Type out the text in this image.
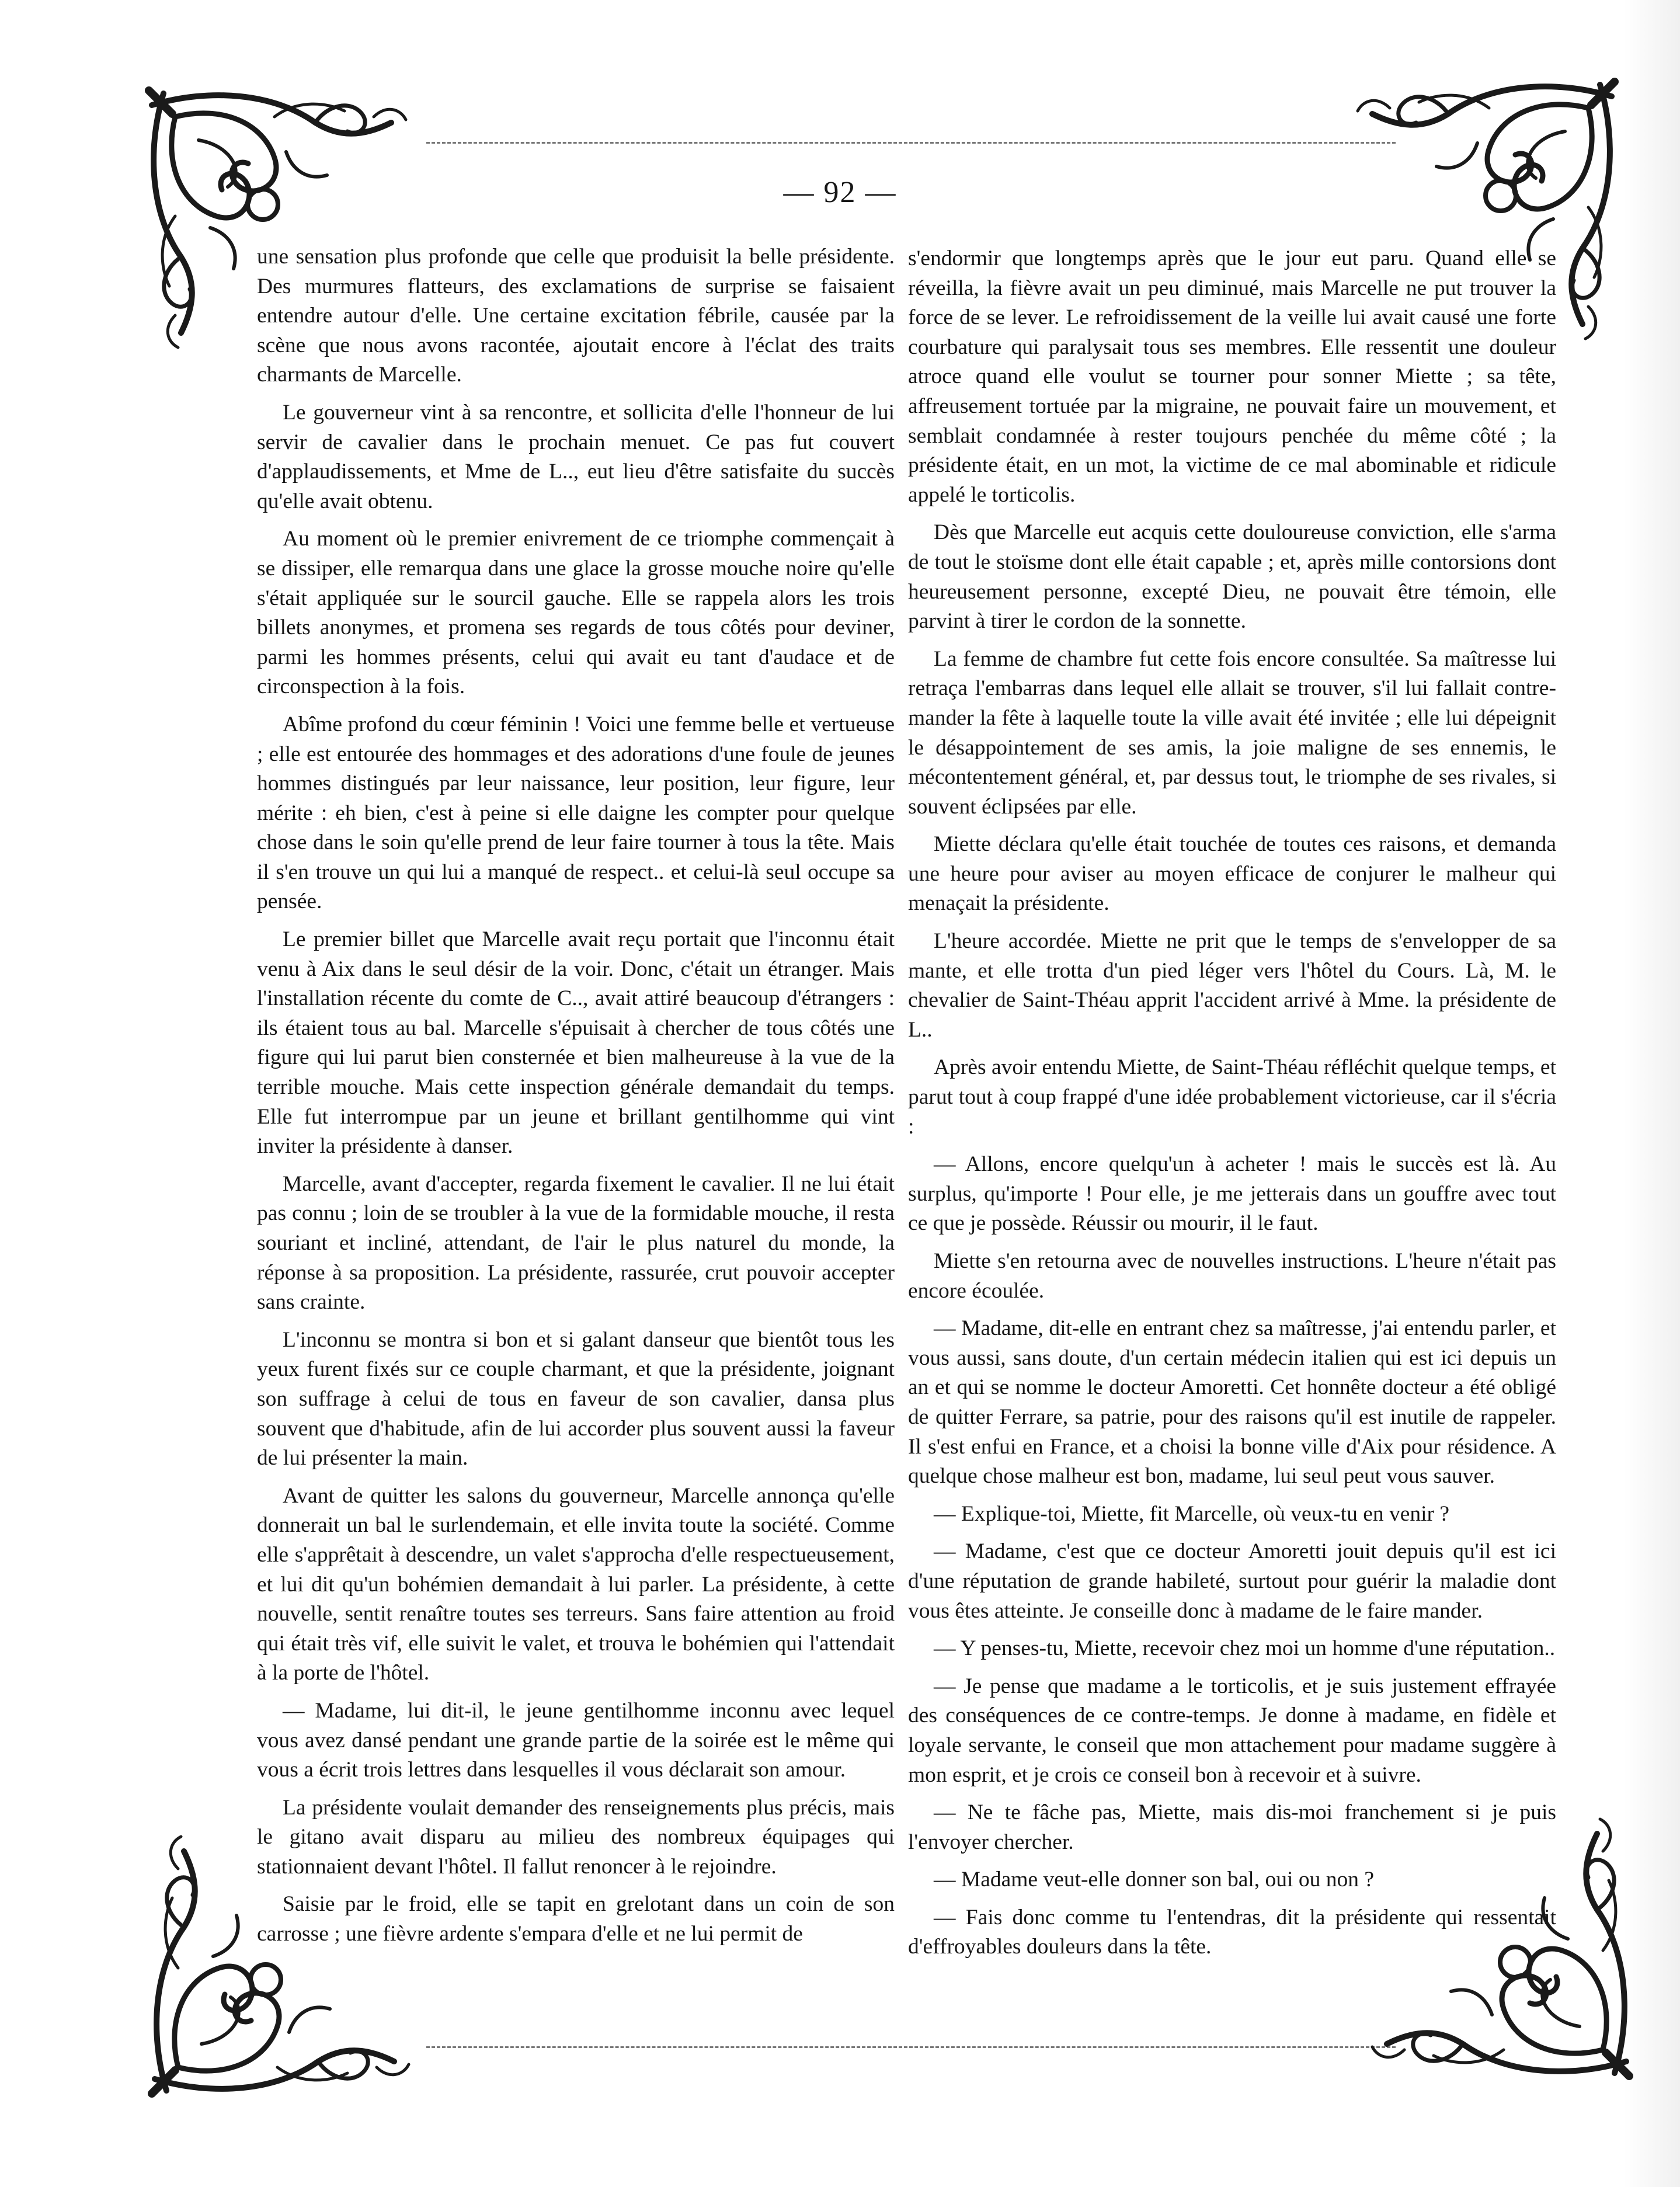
— 92 —

une sensation plus profonde que celle que produisit la belle présidente. Des murmures flatteurs, des exclamations de surprise se faisaient entendre autour d'elle. Une certaine excitation fébrile, causée par la scène que nous avons racontée, ajoutait encore à l'éclat des traits charmants de Marcelle.

Le gouverneur vint à sa rencontre, et sollicita d'elle l'honneur de lui servir de cavalier dans le prochain menuet. Ce pas fut couvert d'applaudissements, et Mme de L.., eut lieu d'être satisfaite du succès qu'elle avait obtenu.

Au moment où le premier enivrement de ce triomphe commençait à se dissiper, elle remarqua dans une glace la grosse mouche noire qu'elle s'était appliquée sur le sourcil gauche. Elle se rappela alors les trois billets anonymes, et promena ses regards de tous côtés pour deviner, parmi les hommes présents, celui qui avait eu tant d'audace et de circonspection à la fois.

Abîme profond du cœur féminin ! Voici une femme belle et vertueuse ; elle est entourée des hommages et des adorations d'une foule de jeunes hommes distingués par leur naissance, leur position, leur figure, leur mérite : eh bien, c'est à peine si elle daigne les compter pour quelque chose dans le soin qu'elle prend de leur faire tourner à tous la tête. Mais il s'en trouve un qui lui a manqué de respect.. et celui-là seul occupe sa pensée.

Le premier billet que Marcelle avait reçu portait que l'inconnu était venu à Aix dans le seul désir de la voir. Donc, c'était un étranger. Mais l'installation récente du comte de C.., avait attiré beaucoup d'étrangers : ils étaient tous au bal. Marcelle s'épuisait à chercher de tous côtés une figure qui lui parut bien consternée et bien malheureuse à la vue de la terrible mouche. Mais cette inspection générale demandait du temps. Elle fut interrompue par un jeune et brillant gentilhomme qui vint inviter la présidente à danser.

Marcelle, avant d'accepter, regarda fixement le cavalier. Il ne lui était pas connu ; loin de se troubler à la vue de la formidable mouche, il resta souriant et incliné, attendant, de l'air le plus naturel du monde, la réponse à sa proposition. La présidente, rassurée, crut pouvoir accepter sans crainte.

L'inconnu se montra si bon et si galant danseur que bientôt tous les yeux furent fixés sur ce couple charmant, et que la présidente, joignant son suffrage à celui de tous en faveur de son cavalier, dansa plus souvent que d'habitude, afin de lui accorder plus souvent aussi la faveur de lui présenter la main.

Avant de quitter les salons du gouverneur, Marcelle annonça qu'elle donnerait un bal le surlendemain, et elle invita toute la société. Comme elle s'apprêtait à descendre, un valet s'approcha d'elle respectueusement, et lui dit qu'un bohémien demandait à lui parler. La présidente, à cette nouvelle, sentit renaître toutes ses terreurs. Sans faire attention au froid qui était très vif, elle suivit le valet, et trouva le bohémien qui l'attendait à la porte de l'hôtel.

— Madame, lui dit-il, le jeune gentilhomme inconnu avec lequel vous avez dansé pendant une grande partie de la soirée est le même qui vous a écrit trois lettres dans lesquelles il vous déclarait son amour.

La présidente voulait demander des renseignements plus précis, mais le gitano avait disparu au milieu des nombreux équipages qui stationnaient devant l'hôtel. Il fallut renoncer à le rejoindre.

Saisie par le froid, elle se tapit en grelotant dans un coin de son carrosse ; une fièvre ardente s'empara d'elle et ne lui permit de

s'endormir que longtemps après que le jour eut paru. Quand elle se réveilla, la fièvre avait un peu diminué, mais Marcelle ne put trouver la force de se lever. Le refroidissement de la veille lui avait causé une forte courbature qui paralysait tous ses membres. Elle ressentit une douleur atroce quand elle voulut se tourner pour sonner Miette ; sa tête, affreusement tortuée par la migraine, ne pouvait faire un mouvement, et semblait condamnée à rester toujours penchée du même côté ; la présidente était, en un mot, la victime de ce mal abominable et ridicule appelé le torticolis.

Dès que Marcelle eut acquis cette douloureuse conviction, elle s'arma de tout le stoïsme dont elle était capable ; et, après mille contorsions dont heureusement personne, excepté Dieu, ne pouvait être témoin, elle parvint à tirer le cordon de la sonnette.

La femme de chambre fut cette fois encore consultée. Sa maîtresse lui retraça l'embarras dans lequel elle allait se trouver, s'il lui fallait contre-mander la fête à laquelle toute la ville avait été invitée ; elle lui dépeignit le désappointement de ses amis, la joie maligne de ses ennemis, le mécontentement général, et, par dessus tout, le triomphe de ses rivales, si souvent éclipsées par elle.

Miette déclara qu'elle était touchée de toutes ces raisons, et demanda une heure pour aviser au moyen efficace de conjurer le malheur qui menaçait la présidente.

L'heure accordée. Miette ne prit que le temps de s'envelopper de sa mante, et elle trotta d'un pied léger vers l'hôtel du Cours. Là, M. le chevalier de Saint-Théau apprit l'accident arrivé à Mme. la présidente de L..

Après avoir entendu Miette, de Saint-Théau réfléchit quelque temps, et parut tout à coup frappé d'une idée probablement victorieuse, car il s'écria :

— Allons, encore quelqu'un à acheter ! mais le succès est là. Au surplus, qu'importe ! Pour elle, je me jetterais dans un gouffre avec tout ce que je possède. Réussir ou mourir, il le faut.

Miette s'en retourna avec de nouvelles instructions. L'heure n'était pas encore écoulée.

— Madame, dit-elle en entrant chez sa maîtresse, j'ai entendu parler, et vous aussi, sans doute, d'un certain médecin italien qui est ici depuis un an et qui se nomme le docteur Amoretti. Cet honnête docteur a été obligé de quitter Ferrare, sa patrie, pour des raisons qu'il est inutile de rappeler. Il s'est enfui en France, et a choisi la bonne ville d'Aix pour résidence. A quelque chose malheur est bon, madame, lui seul peut vous sauver.

— Explique-toi, Miette, fit Marcelle, où veux-tu en venir ?

— Madame, c'est que ce docteur Amoretti jouit depuis qu'il est ici d'une réputation de grande habileté, surtout pour guérir la maladie dont vous êtes atteinte. Je conseille donc à madame de le faire mander.

— Y penses-tu, Miette, recevoir chez moi un homme d'une réputation..

— Je pense que madame a le torticolis, et je suis justement effrayée des conséquences de ce contre-temps. Je donne à madame, en fidèle et loyale servante, le conseil que mon attachement pour madame suggère à mon esprit, et je crois ce conseil bon à recevoir et à suivre.

— Ne te fâche pas, Miette, mais dis-moi franchement si je puis l'envoyer chercher.

— Madame veut-elle donner son bal, oui ou non ?

— Fais donc comme tu l'entendras, dit la présidente qui ressentait d'effroyables douleurs dans la tête.
